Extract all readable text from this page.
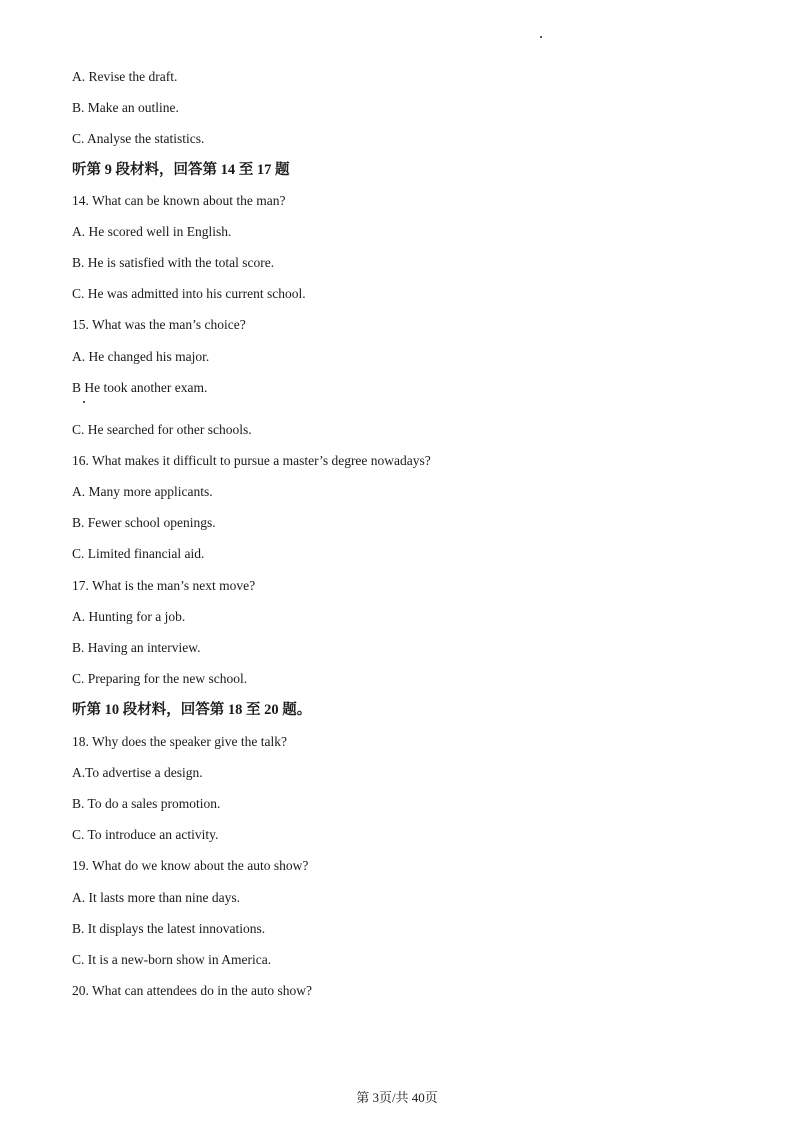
A. Revise the draft.
B. Make an outline.
C. Analyse the statistics.
听第 9 段材料，回答第 14 至 17 题
14. What can be known about the man?
A. He scored well in English.
B. He is satisfied with the total score.
C. He was admitted into his current school.
15. What was the man’s choice?
A. He changed his major.
B He took another exam.
C. He searched for other schools.
16. What makes it difficult to pursue a master’s degree nowadays?
A. Many more applicants.
B. Fewer school openings.
C. Limited financial aid.
17. What is the man’s next move?
A. Hunting for a job.
B. Having an interview.
C. Preparing for the new school.
听第 10 段材料，回答第 18 至 20 题。
18. Why does the speaker give the talk?
A.To advertise a design.
B. To do a sales promotion.
C. To introduce an activity.
19. What do we know about the auto show?
A. It lasts more than nine days.
B. It displays the latest innovations.
C. It is a new-born show in America.
20. What can attendees do in the auto show?
第 3页/共 40页
